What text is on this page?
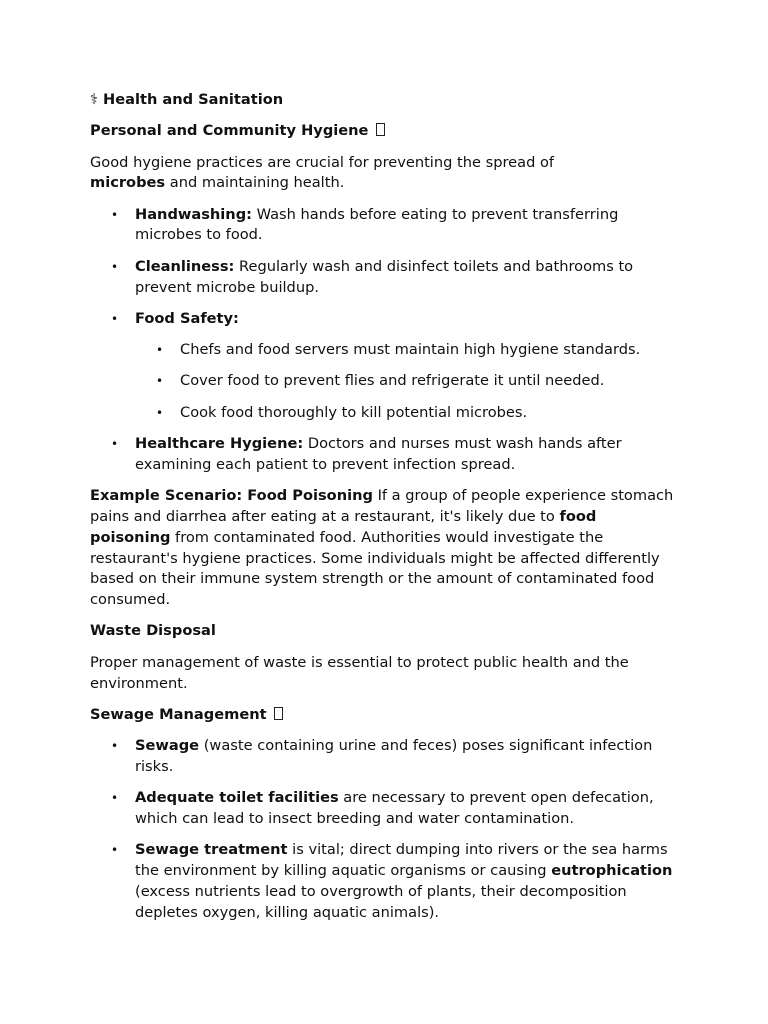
⚕ Health and Sanitation
Personal and Community Hygiene
Good hygiene practices are crucial for preventing the spread of
microbes and maintaining health.
• Handwashing: Wash hands before eating to prevent transferring microbes to food.
• Cleanliness: Regularly wash and disinfect toilets and bathrooms to prevent microbe buildup.
• Food Safety:
• Chefs and food servers must maintain high hygiene standards.
• Cover food to prevent flies and refrigerate it until needed.
• Cook food thoroughly to kill potential microbes.
• Healthcare Hygiene: Doctors and nurses must wash hands after examining each patient to prevent infection spread.
Example Scenario: Food Poisoning If a group of people experience stomach pains and diarrhea after eating at a restaurant, it's likely due to food poisoning from contaminated food. Authorities would investigate the restaurant's hygiene practices. Some individuals might be affected differently based on their immune system strength or the amount of contaminated food consumed.
Waste Disposal
Proper management of waste is essential to protect public health and the environment.
Sewage Management
• Sewage (waste containing urine and feces) poses significant infection risks.
• Adequate toilet facilities are necessary to prevent open defecation, which can lead to insect breeding and water contamination.
• Sewage treatment is vital; direct dumping into rivers or the sea harms the environment by killing aquatic organisms or causing eutrophication (excess nutrients lead to overgrowth of plants, their decomposition depletes oxygen, killing aquatic animals).
